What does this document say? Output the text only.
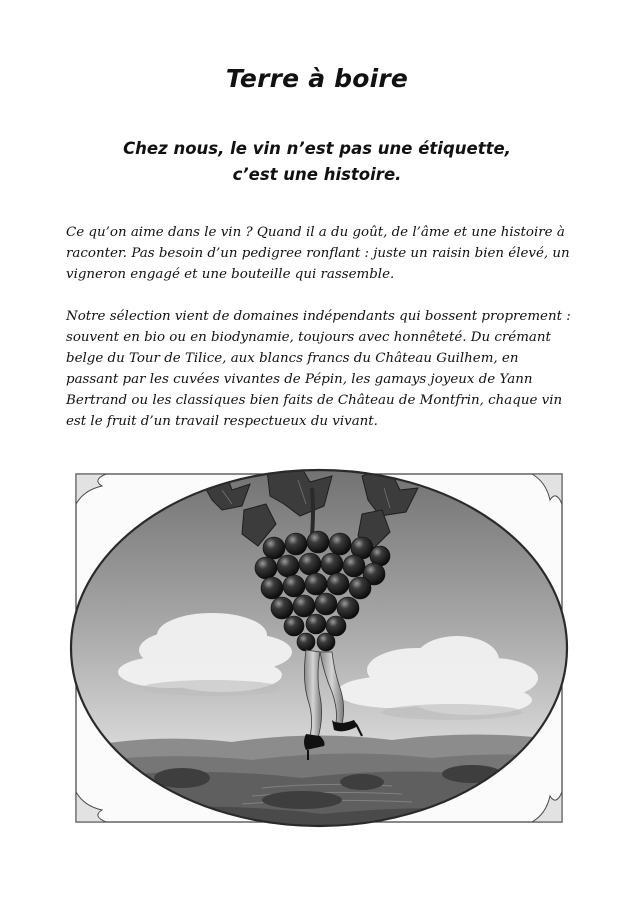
Terre à boire
Chez nous, le vin n’est pas une étiquette,
c’est une histoire.
Ce qu’on aime dans le vin ? Quand il a du goût, de l’âme et une histoire à
raconter. Pas besoin d’un pedigree ronflant : juste un raisin bien élevé, un
vigneron engagé et une bouteille qui rassemble.
Notre sélection vient de domaines indépendants qui bossent proprement :
souvent en bio ou en biodynamie, toujours avec honnêteté. Du crémant
belge du Tour de Tilice, aux blancs francs du Château Guilhem, en
passant par les cuvées vivantes de Pépin, les gamays joyeux de Yann
Bertrand ou les classiques bien faits de Château de Montfrin, chaque vin
est le fruit d’un travail respectueux du vivant.
